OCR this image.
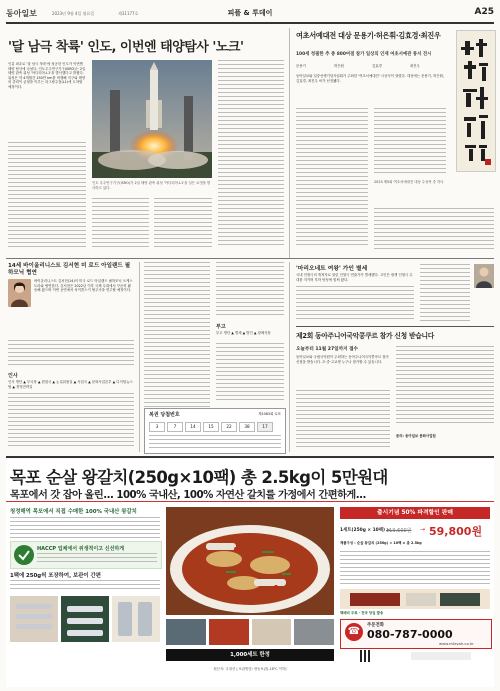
동아일보	2023년 9월 4일 월요일	제31177호	피플 & 투데이	A25
'달 남극 착륙' 인도, 이번엔 태양탐사 '노크'
인류 최초로 '달 남극 착륙'에 성공한 인도가 이번엔 태양 탐사에 나섰다. 인도우주연구기구(ISRO)는 2일 태양 관측 위성 '아디티아-L1'을 발사했다고 밝혔다. 위성은 약 4개월간 150만 km를 비행해 지구와 태양의 중력이 균형을 이루는 라그랑주점(L1)에 도착할 예정이다.
인도 우주연구기구(ISRO)가 2일 태양 관측 위성 '아디티아-L1'을 실은 로켓을 발사하고 있다.
여초서예대전 대상 문용기·허은휘·김효경·최진우
100세 청필한 추 종 800여점 참가 일상의 인재 여초서예관 통서 전시
문용기	허은휘	김효경	최진우
동아일보와 일중선생기념사업회가 주최한 '여초서예대전' 시상식이 열렸다. 대상에는 문용기, 허은휘, 김효경, 최진우 씨가 선정됐다.
2023 제5회 여초서예대전 대상 수상작 중 하나
14세 바이올리니스트 김서현 미 로드 아일랜드 필하모닉 협연
바이올리니스트 김서현(14)이 미국 로드 아일랜드 필하모닉 오케스트라와 협연한다. 김서현은 2022년 이후 국제 무대에서 꾸준히 활동해 왔으며 이번 공연에서 차이콥스키 협주곡을 연주할 예정이다.
인사
인사 명단 ▲ 부국장 ▲ 편집국 ▲ 논설위원실 ▲ 사업국 ▲ 문화사업본부 ▲ 디지털뉴스팀 ▲ 경영전략실
부고
부고 명단 ▲ 별세 ▲ 발인 ▲ 장례식장
복권 당첨번호	제1083회 로또
3	7	14	15	22	38	17
'마리오네트 여왕' 가인 별세
국내 인형극의 개척자로 불린 인형극 연출가가 별세했다. 고인은 평생 인형극 무대를 지키며 후학 양성에 힘써 왔다.
제2회 동아주니어국악콩쿠르 참가 신청 받습니다
오늘부터 11월 27일까지 접수
동아일보와 국립국악원이 주최하는 동아주니어국악콩쿠르 참가 신청을 받습니다. 초·중·고교생 누구나 참가할 수 있습니다.
문의: 동아일보 문화사업팀
목포 순살 왕갈치(250g×10팩) 총 2.5kg이 5만원대
목포에서 갓 잡아 올린... 100% 국내산, 100% 자연산 갈치를 가정에서 간편하게...
청정해역 목포에서 직접 수매한 100% 국내산 왕갈치
HACCP 업체에서 위생적이고 신선하게
1팩에 250g씩 포장하여, 보관이 간편
1,000세트 한정
출시기념 50% 파격할인 판매
1세트(250g × 10팩) =
119,600원 → 59,800원
제품구성 : 순살 왕갈치 (250g) × 10팩 = 총 2.5kg
택배비 무료 · 전국 당일 발송
☎
주문전화
080-787-0000
www.mfzvah.co.kr
원산지: 국내산 | 보관방법: 냉동보관(-18℃ 이하)
